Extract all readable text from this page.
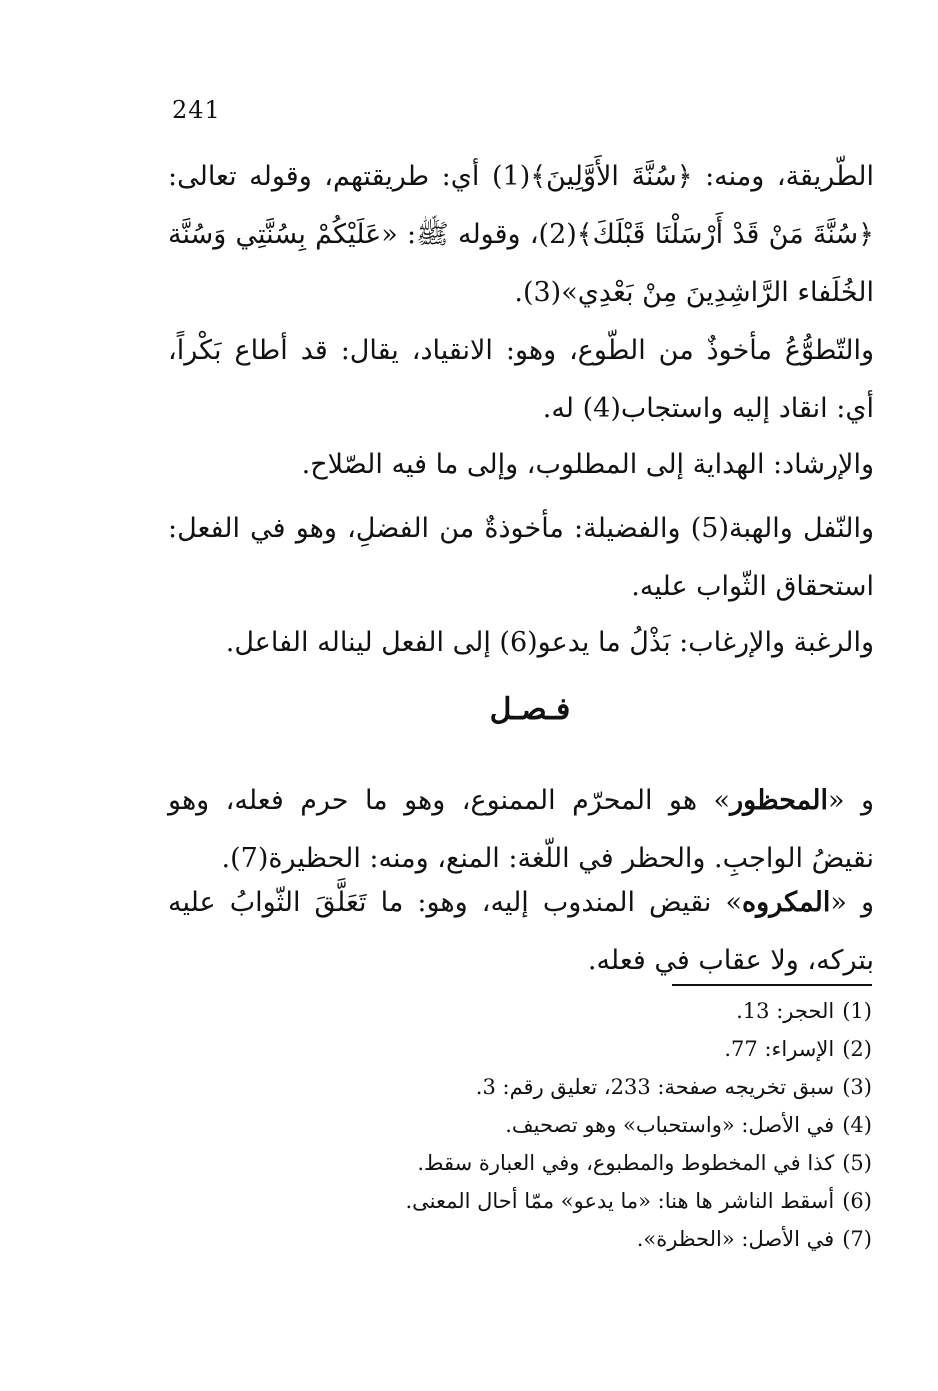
241

الطّريقة، ومنه: ﴿سُنَّةَ الأَوَّلِينَ﴾(1) أي: طريقتهم، وقوله تعالى: ﴿سُنَّةَ مَنْ قَدْ أَرْسَلْنَا قَبْلَكَ﴾(2)، وقوله ﷺ: «عَلَيْكُمْ بِسُنَّتِي وَسُنَّة الخُلَفاء الرَّاشِدِينَ مِنْ بَعْدِي»(3).

والتّطوُّعُ مأخوذٌ من الطّوع، وهو: الانقياد، يقال: قد أطاع بَكْراً، أي: انقاد إليه واستجاب(4) له.

والإرشاد: الهداية إلى المطلوب، وإلى ما فيه الصّلاح.

والنّفل والهبة(5) والفضيلة: مأخوذةٌ من الفضلِ، وهو في الفعل: استحقاق الثّواب عليه.

والرغبة والإرغاب: بَذْلُ ما يدعو(6) إلى الفعل ليناله الفاعل.

فـصـل

و «المحظور» هو المحرّم الممنوع، وهو ما حرم فعله، وهو نقيضُ الواجبِ. والحظر في اللّغة: المنع، ومنه: الحظيرة(7).

و «المكروه» نقيض المندوب إليه، وهو: ما تَعَلَّقَ الثّوابُ عليه بتركه، ولا عقاب في فعله.

(1)الحجر: 13.
(2)الإسراء: 77.
(3)سبق تخريجه صفحة: 233، تعليق رقم: 3.
(4)في الأصل: «واستحباب» وهو تصحيف.
(5)كذا في المخطوط والمطبوع، وفي العبارة سقط.
(6)أسقط الناشر ها هنا: «ما يدعو» ممّا أحال المعنى.
(7)في الأصل: «الحظرة».
